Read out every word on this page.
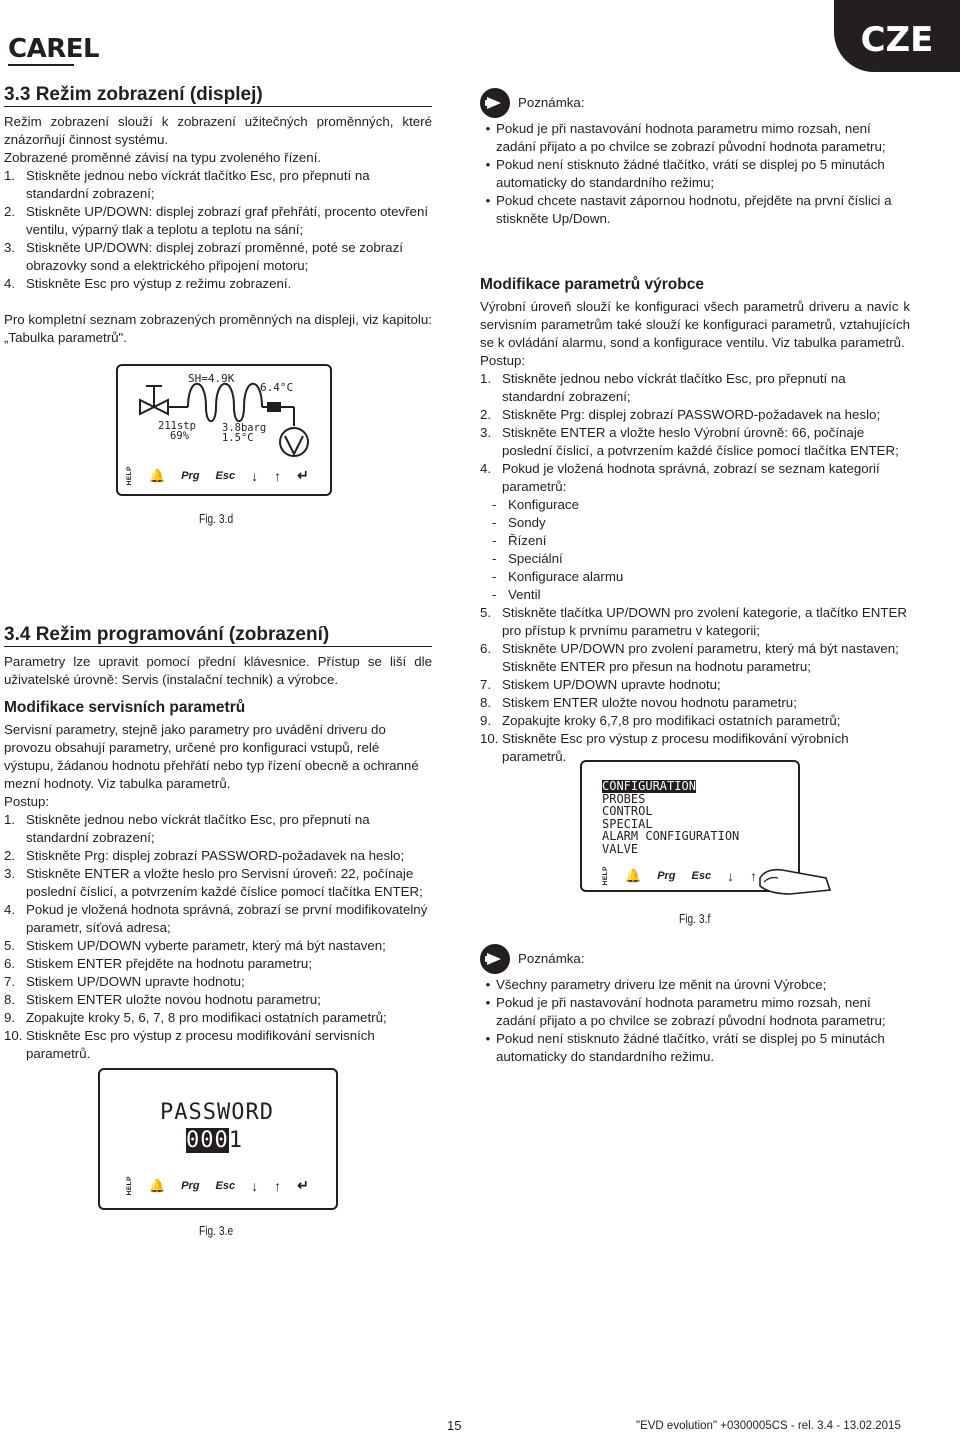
CAREL	CZE
3.3 Režim zobrazení (displej)

Režim zobrazení slouží k zobrazení užitečných proměnných, které znázorňují činnost systému.

Zobrazené proměnné závisí na typu zvoleného řízení.

1. Stiskněte jednou nebo víckrát tlačítko Esc, pro přepnutí na standardní zobrazení;
2. Stiskněte UP/DOWN: displej zobrazí graf přehřátí, procento otevření ventilu, výparný tlak a teplotu a teplotu na sání;
3. Stiskněte UP/DOWN: displej zobrazí proměnné, poté se zobrazí obrazovky sond a elektrického připojení motoru;
4. Stiskněte Esc pro výstup z režimu zobrazení.

Pro kompletní seznam zobrazených proměnných na displeji, viz kapitolu: „Tabulka parametrů".

SH=4.9K
6.4°C
211stp
69%
3.8barg
1.5°C
HELP 🔔 Prg Esc ↓ ↑ ↵
Fig. 3.d
3.4 Režim programování (zobrazení)

Parametry lze upravit pomocí přední klávesnice. Přístup se liší dle uživatelské úrovně: Servis (instalační technik) a výrobce.

Modifikace servisních parametrů

Servisní parametry, stejně jako parametry pro uvádění driveru do provozu obsahují parametry, určené pro konfiguraci vstupů, relé výstupu, žádanou hodnotu přehřátí nebo typ řízení obecně a ochranné mezní hodnoty. Viz tabulka parametrů.

Postup:

1. Stiskněte jednou nebo víckrát tlačítko Esc, pro přepnutí na standardní zobrazení;
2. Stiskněte Prg: displej zobrazí PASSWORD-požadavek na heslo;
3. Stiskněte ENTER a vložte heslo pro Servisní úroveň: 22, počínaje poslední číslicí, a potvrzením každé číslice pomocí tlačítka ENTER;
4. Pokud je vložená hodnota správná, zobrazí se první modifikovatelný parametr, síťová adresa;
5. Stiskem UP/DOWN vyberte parametr, který má být nastaven;
6. Stiskem ENTER přejděte na hodnotu parametru;
7. Stiskem UP/DOWN upravte hodnotu;
8. Stiskem ENTER uložte novou hodnotu parametru;
9. Zopakujte kroky 5, 6, 7, 8 pro modifikaci ostatních parametrů;
10. Stiskněte Esc pro výstup z procesu modifikování servisních parametrů.
PASSWORD
0001
HELP 🔔 Prg Esc ↓ ↑ ↵
Fig. 3.e
Poznámka:
• Pokud je při nastavování hodnota parametru mimo rozsah, není zadání přijato a po chvilce se zobrazí původní hodnota parametru;
• Pokud není stisknuto žádné tlačítko, vrátí se displej po 5 minutách automaticky do standardního režimu;
• Pokud chcete nastavit zápornou hodnotu, přejděte na první číslici a stiskněte Up/Down.
Modifikace parametrů výrobce

Výrobní úroveň slouží ke konfiguraci všech parametrů driveru a navíc k servisním parametrům také slouží ke konfiguraci parametrů, vztahujících se k ovládání alarmu, sond a konfigurace ventilu. Viz tabulka parametrů.

Postup:

1. Stiskněte jednou nebo víckrát tlačítko Esc, pro přepnutí na standardní zobrazení;
2. Stiskněte Prg: displej zobrazí PASSWORD-požadavek na heslo;
3. Stiskněte ENTER a vložte heslo Výrobní úrovně: 66, počínaje poslední číslicí, a potvrzením každé číslice pomocí tlačítka ENTER;
4. Pokud je vložená hodnota správná, zobrazí se seznam kategorií parametrů:
- Konfigurace
- Sondy
- Řízení
- Speciální
- Konfigurace alarmu
- Ventil
5. Stiskněte tlačítka UP/DOWN pro zvolení kategorie, a tlačítko ENTER pro přístup k prvnímu parametru v kategorii;
6. Stiskněte UP/DOWN pro zvolení parametru, který má být nastaven; Stiskněte ENTER pro přesun na hodnotu parametru;
7. Stiskem UP/DOWN upravte hodnotu;
8. Stiskem ENTER uložte novou hodnotu parametru;
9. Zopakujte kroky 6,7,8 pro modifikaci ostatních parametrů;
10. Stiskněte Esc pro výstup z procesu modifikování výrobních parametrů.
CONFIGURATION
PROBES
CONTROL
SPECIAL
ALARM CONFIGURATION
VALVE
HELP 🔔 Prg Esc ↓ ↑
Fig. 3.f
Poznámka:
• Všechny parametry driveru lze měnit na úrovni Výrobce;
• Pokud je při nastavování hodnota parametru mimo rozsah, není zadání přijato a po chvilce se zobrazí původní hodnota parametru;
• Pokud není stisknuto žádné tlačítko, vrátí se displej po 5 minutách automaticky do standardního režimu.
15	"EVD evolution" +0300005CS - rel. 3.4 - 13.02.2015
